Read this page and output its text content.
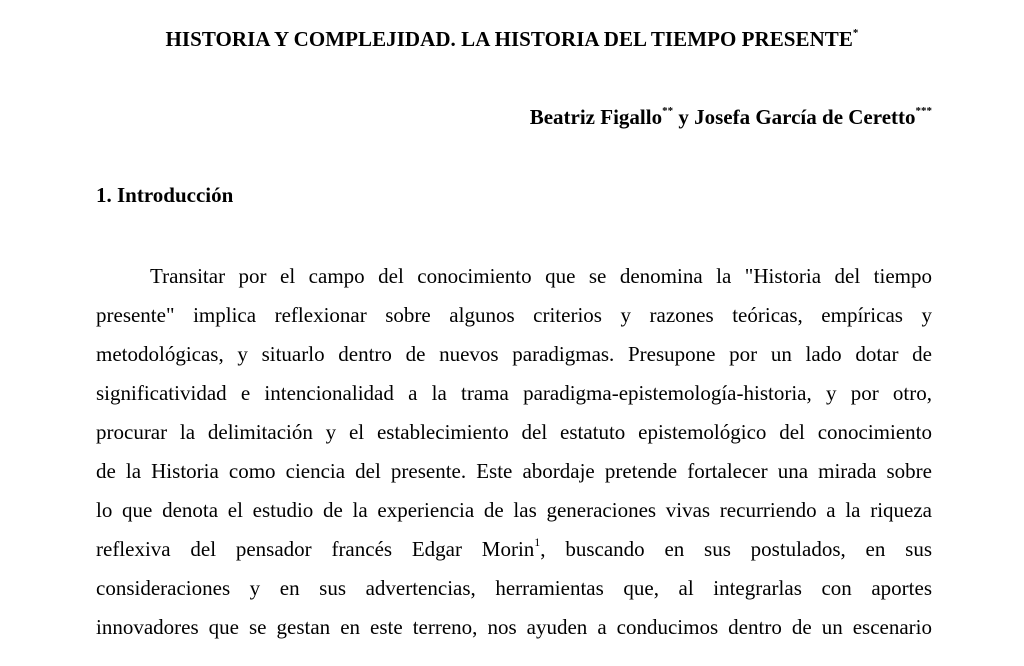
HISTORIA Y COMPLEJIDAD. LA HISTORIA DEL TIEMPO PRESENTE*
Beatriz Figallo** y Josefa García de Ceretto***
1. Introducción
Transitar por el campo del conocimiento que se denomina la "Historia del tiempo
presente" implica reflexionar sobre algunos criterios y razones teóricas, empíricas y
metodológicas, y situarlo dentro de nuevos paradigmas. Presupone por un lado dotar de
significatividad e intencionalidad a la trama paradigma-epistemología-historia, y por otro,
procurar la delimitación y el establecimiento del estatuto epistemológico del conocimiento
de la Historia como ciencia del presente. Este abordaje pretende fortalecer una mirada sobre
lo que denota el estudio de la experiencia de las generaciones vivas recurriendo a la riqueza
reflexiva del pensador francés Edgar Morin$^1$, buscando en sus postulados, en sus
consideraciones y en sus advertencias, herramientas que, al integrarlas con aportes
innovadores que se gestan en este terreno, nos ayuden a conducimos dentro de un escenario
